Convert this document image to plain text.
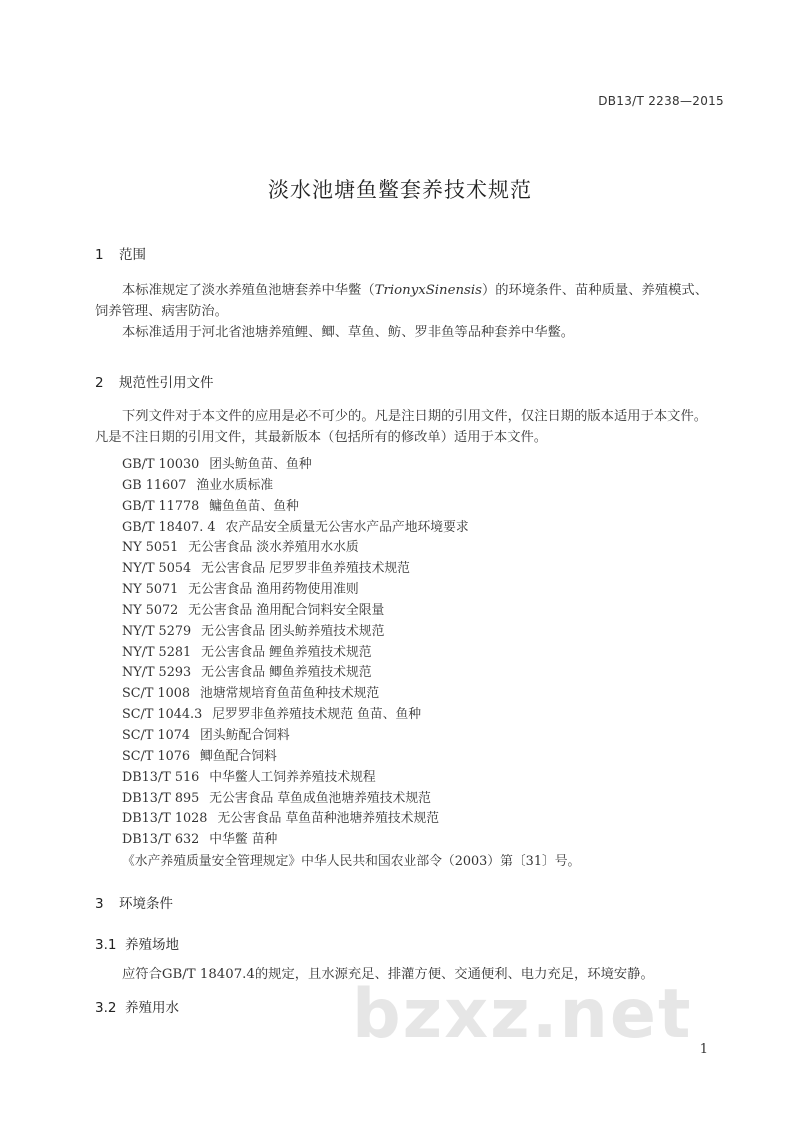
DB13/T 2238—2015
淡水池塘鱼鳖套养技术规范
1 范围

本标准规定了淡水养殖鱼池塘套养中华鳖（TrionyxSinensis）的环境条件、苗种质量、养殖模式、

饲养管理、病害防治。

本标准适用于河北省池塘养殖鲤、鲫、草鱼、鲂、罗非鱼等品种套养中华鳖。

2 规范性引用文件

下列文件对于本文件的应用是必不可少的。凡是注日期的引用文件，仅注日期的版本适用于本文件。

凡是不注日期的引用文件，其最新版本（包括所有的修改单）适用于本文件。

GB/T 10030 团头鲂鱼苗、鱼种
GB 11607 渔业水质标准
GB/T 11778 鳙鱼鱼苗、鱼种
GB/T 18407. 4 农产品安全质量无公害水产品产地环境要求
NY 5051 无公害食品 淡水养殖用水水质
NY/T 5054 无公害食品 尼罗罗非鱼养殖技术规范
NY 5071 无公害食品 渔用药物使用准则
NY 5072 无公害食品 渔用配合饲料安全限量
NY/T 5279 无公害食品 团头鲂养殖技术规范
NY/T 5281 无公害食品 鲤鱼养殖技术规范
NY/T 5293 无公害食品 鲫鱼养殖技术规范
SC/T 1008 池塘常规培育鱼苗鱼种技术规范
SC/T 1044.3 尼罗罗非鱼养殖技术规范 鱼苗、鱼种
SC/T 1074 团头鲂配合饲料
SC/T 1076 鲫鱼配合饲料
DB13/T 516 中华鳖人工饲养养殖技术规程
DB13/T 895 无公害食品 草鱼成鱼池塘养殖技术规范
DB13/T 1028 无公害食品 草鱼苗种池塘养殖技术规范
DB13/T 632 中华鳖 苗种
《水产养殖质量安全管理规定》中华人民共和国农业部令（2003）第〔31〕号。
3 环境条件
3.1 养殖场地
应符合GB/T 18407.4的规定，且水源充足、排灌方便、交通便利、电力充足，环境安静。
3.2 养殖用水	bzxz.net 1
